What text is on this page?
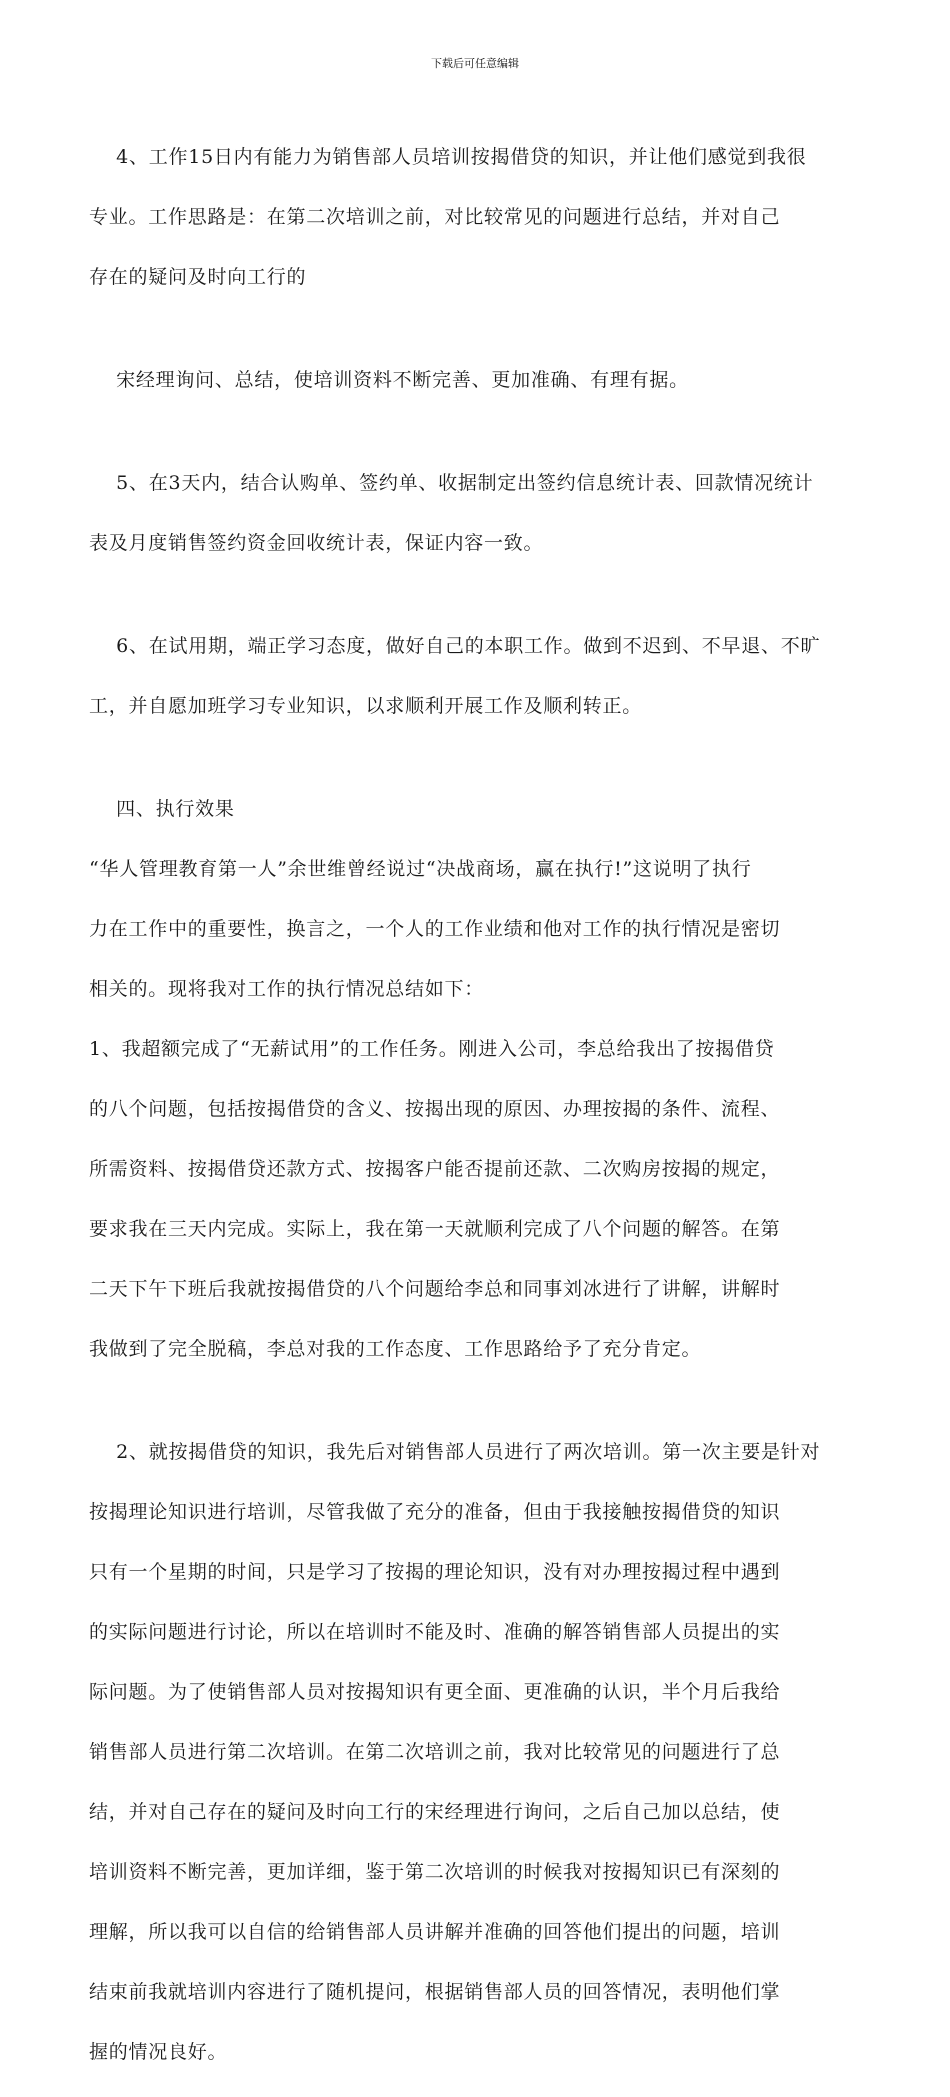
下载后可任意编辑

4、工作15日内有能力为销售部人员培训按揭借贷的知识，并让他们感觉到我很

专业。工作思路是：在第二次培训之前，对比较常见的问题进行总结，并对自己

存在的疑问及时向工行的

宋经理询问、总结，使培训资料不断完善、更加准确、有理有据。

5、在3天内，结合认购单、签约单、收据制定出签约信息统计表、回款情况统计

表及月度销售签约资金回收统计表，保证内容一致。

6、在试用期，端正学习态度，做好自己的本职工作。做到不迟到、不早退、不旷

工，并自愿加班学习专业知识，以求顺利开展工作及顺利转正。

四、执行效果

“华人管理教育第一人”余世维曾经说过“决战商场，赢在执行!”这说明了执行

力在工作中的重要性，换言之，一个人的工作业绩和他对工作的执行情况是密切

相关的。现将我对工作的执行情况总结如下：

1、我超额完成了“无薪试用”的工作任务。刚进入公司，李总给我出了按揭借贷

的八个问题，包括按揭借贷的含义、按揭出现的原因、办理按揭的条件、流程、

所需资料、按揭借贷还款方式、按揭客户能否提前还款、二次购房按揭的规定，

要求我在三天内完成。实际上，我在第一天就顺利完成了八个问题的解答。在第

二天下午下班后我就按揭借贷的八个问题给李总和同事刘冰进行了讲解，讲解时

我做到了完全脱稿，李总对我的工作态度、工作思路给予了充分肯定。

2、就按揭借贷的知识，我先后对销售部人员进行了两次培训。第一次主要是针对

按揭理论知识进行培训，尽管我做了充分的准备，但由于我接触按揭借贷的知识

只有一个星期的时间，只是学习了按揭的理论知识，没有对办理按揭过程中遇到

的实际问题进行讨论，所以在培训时不能及时、准确的解答销售部人员提出的实

际问题。为了使销售部人员对按揭知识有更全面、更准确的认识，半个月后我给

销售部人员进行第二次培训。在第二次培训之前，我对比较常见的问题进行了总

结，并对自己存在的疑问及时向工行的宋经理进行询问，之后自己加以总结，使

培训资料不断完善，更加详细，鉴于第二次培训的时候我对按揭知识已有深刻的

理解，所以我可以自信的给销售部人员讲解并准确的回答他们提出的问题，培训

结束前我就培训内容进行了随机提问，根据销售部人员的回答情况，表明他们掌

握的情况良好。
